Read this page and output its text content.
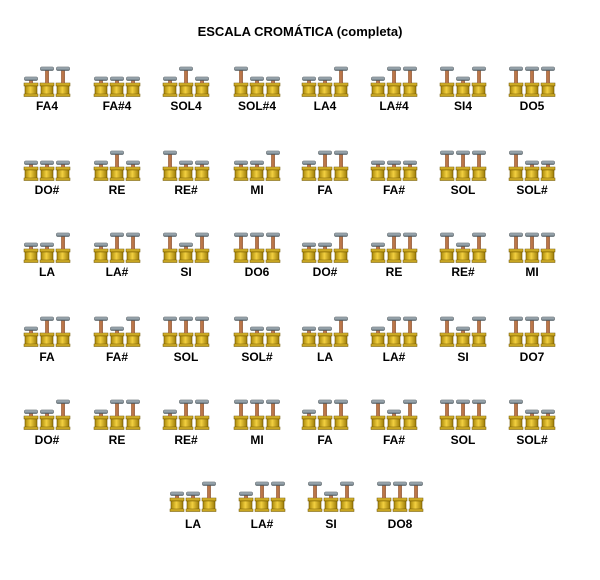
ESCALA CROMÁTICA (completa)
FA4	FA#4	SOL4	SOL#4	LA4	LA#4	SI4	DO5
DO#	RE	RE#	MI	FA	FA#	SOL	SOL#
LA	LA#	SI	DO6	DO#	RE	RE#	MI
FA	FA#	SOL	SOL#	LA	LA#	SI	DO7
DO#	RE	RE#	MI	FA	FA#	SOL	SOL#
LA	LA#	SI	DO8
